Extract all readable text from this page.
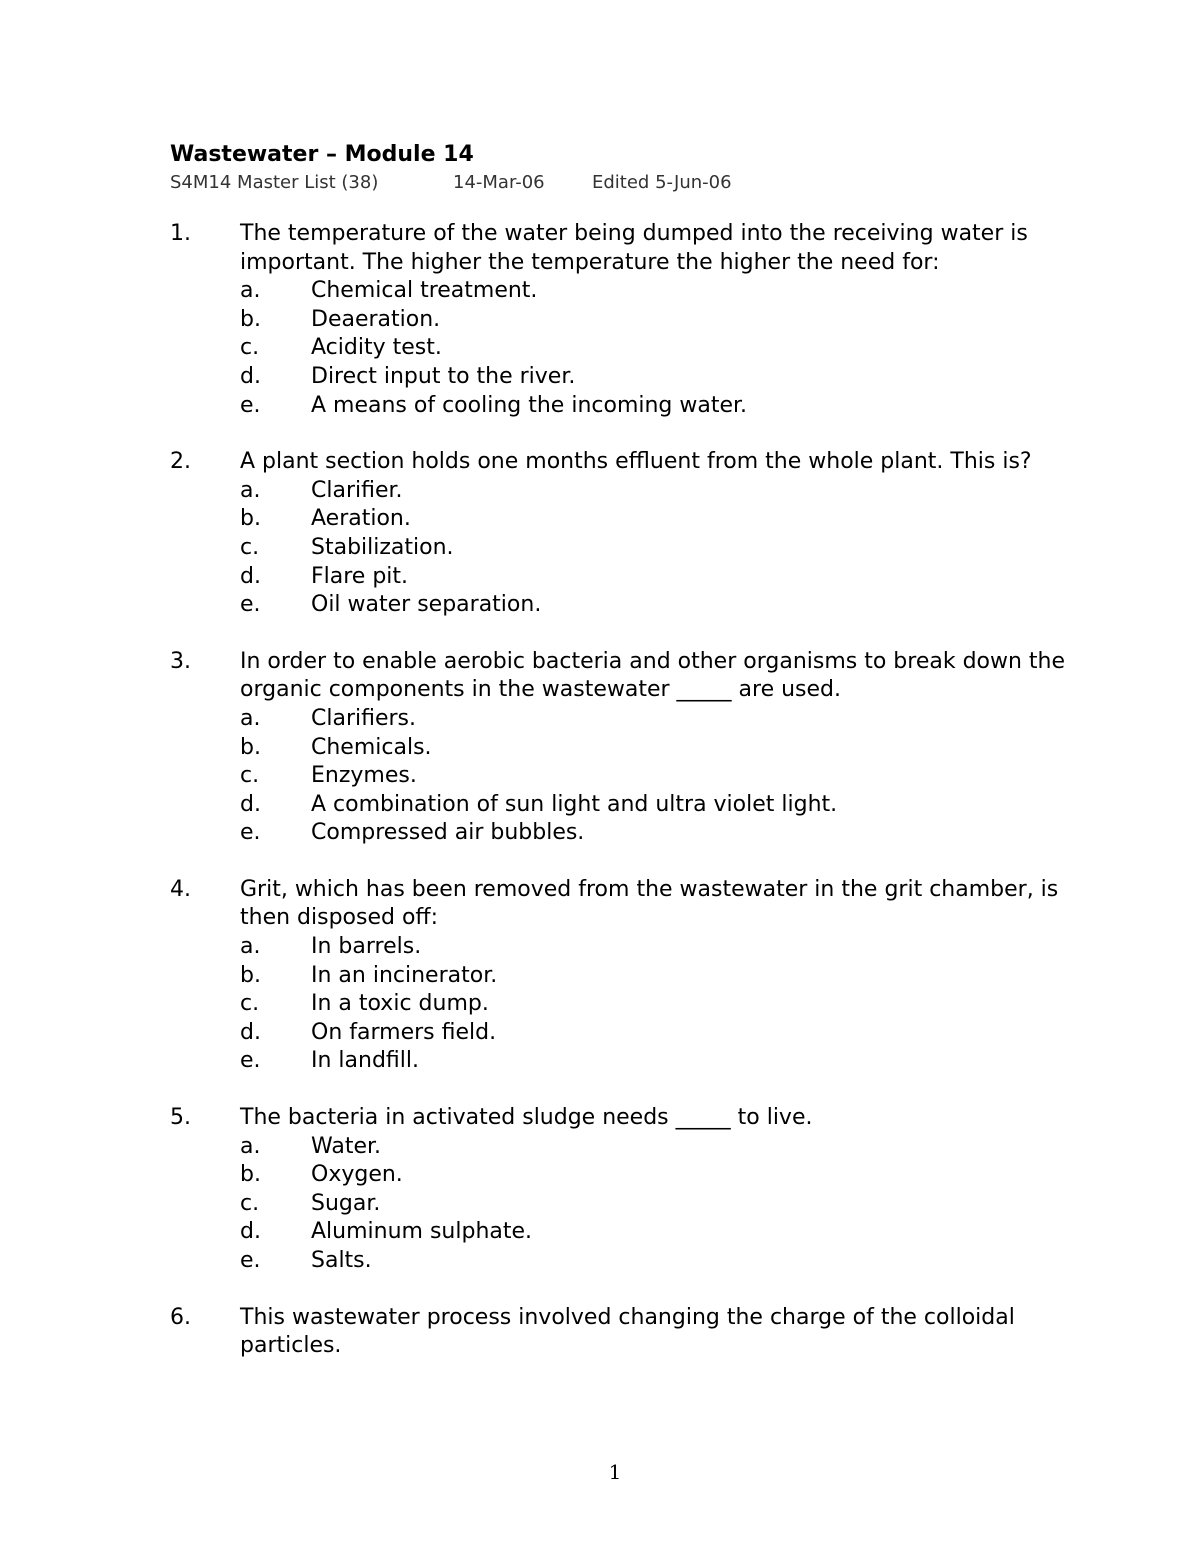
Wastewater – Module 14
S4M14 Master List (38)	14-Mar-06	Edited 5-Jun-06
1.	The temperature of the water being dumped into the receiving water is important. The higher the temperature the higher the need for:
a.	Chemical treatment.
b.	Deaeration.
c.	Acidity test.
d.	Direct input to the river.
e.	A means of cooling the incoming water.
2.	A plant section holds one months effluent from the whole plant. This is?
a.	Clarifier.
b.	Aeration.
c.	Stabilization.
d.	Flare pit.
e.	Oil water separation.
3.	In order to enable aerobic bacteria and other organisms to break down the organic components in the wastewater _____ are used.
a.	Clarifiers.
b.	Chemicals.
c.	Enzymes.
d.	A combination of sun light and ultra violet light.
e.	Compressed air bubbles.
4.	Grit, which has been removed from the wastewater in the grit chamber, is then disposed off:
a.	In barrels.
b.	In an incinerator.
c.	In a toxic dump.
d.	On farmers field.
e.	In landfill.
5.	The bacteria in activated sludge needs _____ to live.
a.	Water.
b.	Oxygen.
c.	Sugar.
d.	Aluminum sulphate.
e.	Salts.
6.	This wastewater process involved changing the charge of the colloidal particles.
1
